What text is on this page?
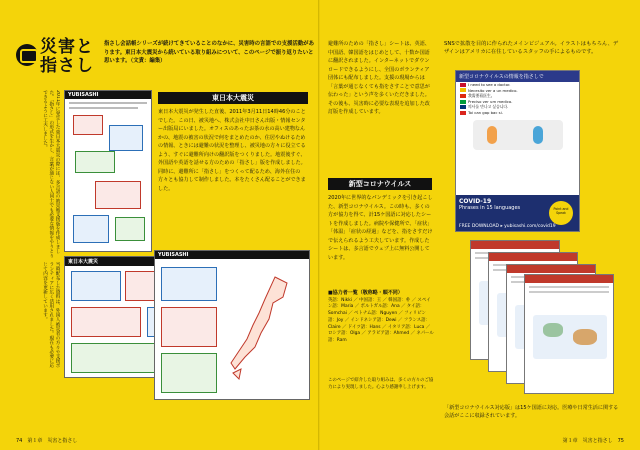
災害と
指さし
指さし会話帳シリーズが続けてきていることのなかに、災害時の言語での支援活動があります。東日本大震災から続いている取り組みについて、このページで振り返りたいと思います。（文責：編集）
2011年に発生した東日本大震災の際には、多言語の被災地支援版を作成しました。「指さし」の形式を生かし、言葉が通じない人同士でも必要な情報をやりとりできるように工夫しました。
当時配布した資料は、外国人被災者の方々や支援ボランティアに広く活用されました。現在も必要に応じて内容を更新しています。
YUBISASHI	東日本大震災
東日本大震災が発生した直後、2011年3月11日14時46分のことでした。この日、被災地へ、株式会社中日さん出版・情報センター出版局にいました。オフィスのあったお茶の水の高い建物なんかの、地震の被害の状況で何をまとめたのか、住居やぬけるための情報、ときには避難の状況を整理し、被災地の方々に役立てるよう、すぐに避難所向けの翻訳版をつくりました。地震後すぐ、外国語や英語を話せる方のための「指さし」版を作成しました。同時に、避難所に「指さし」をつくって配るため、海外在住の方々とも協力して制作しました。本をたくさん配ることができました。
東日本大震災
YUBISASHI
74　第１章　災害と指さし
避難所のための「指さし」シートは、英語、中国語、韓国語をはじめとして、十数か国語に翻訳されました。インターネットでダウンロードできるようにし、全国のボランティア団体にも配布しました。支援の現場からは「言葉が通じなくても指をさすことで意思が伝わった」という声を多くいただきました。その後も、災害時に必要な表現を追加した改訂版を作成しています。
新型コロナウイルス
2020年に世界的なパンデミックを引き起こした、新型コロナウイルス。この時も、多くの方が協力を得て、計15ケ国語に対応したシートを作成しました。病院や保健所で、「症状」「体温」「症状の経過」などを、指をさすだけで伝えられるよう工夫しています。作成したシートは、多言語でウェブ上に無料公開しています。
■協力者一覧（敬称略・順不同）
英語：Nikki ／ 中国語：王 ／ 韓国語：朴 ／ スペイン語：Maria ／ ポルトガル語：Ana ／ タイ語：Somchai ／ ベトナム語：Nguyen ／ フィリピン語：Joy ／ インドネシア語：Dewi ／ フランス語：Claire ／ ドイツ語：Hans ／ イタリア語：Luca ／ ロシア語：Olga ／ アラビア語：Ahmed ／ ネパール語：Ram
このページで紹介した取り組みは、多くの方々のご協力により実現しました。心より感謝申し上げます。
SNSで拡散を目的に作られたメインビジュアル。イラストはもちろん、デザインはアメリカに在住しているスタッフの手によるものです。
新型コロナウイルスの情報を指さしで
I need to see a doctor.
Necesito ver a un medico.
我需要看医生。
Preciso ver um medico.
의사를 만나고 싶습니다.
Toi can gap bac si.
COVID-19
Phrases in 15 languages	Point and Speak
FREE DOWNLOAD ▸ yubisashi.com/covid19
「新型コロナウイルス対応版」は15ケ国語に対応。医療や日常生活に関する会話がここに収録されています。
第１章　災害と指さし　75
